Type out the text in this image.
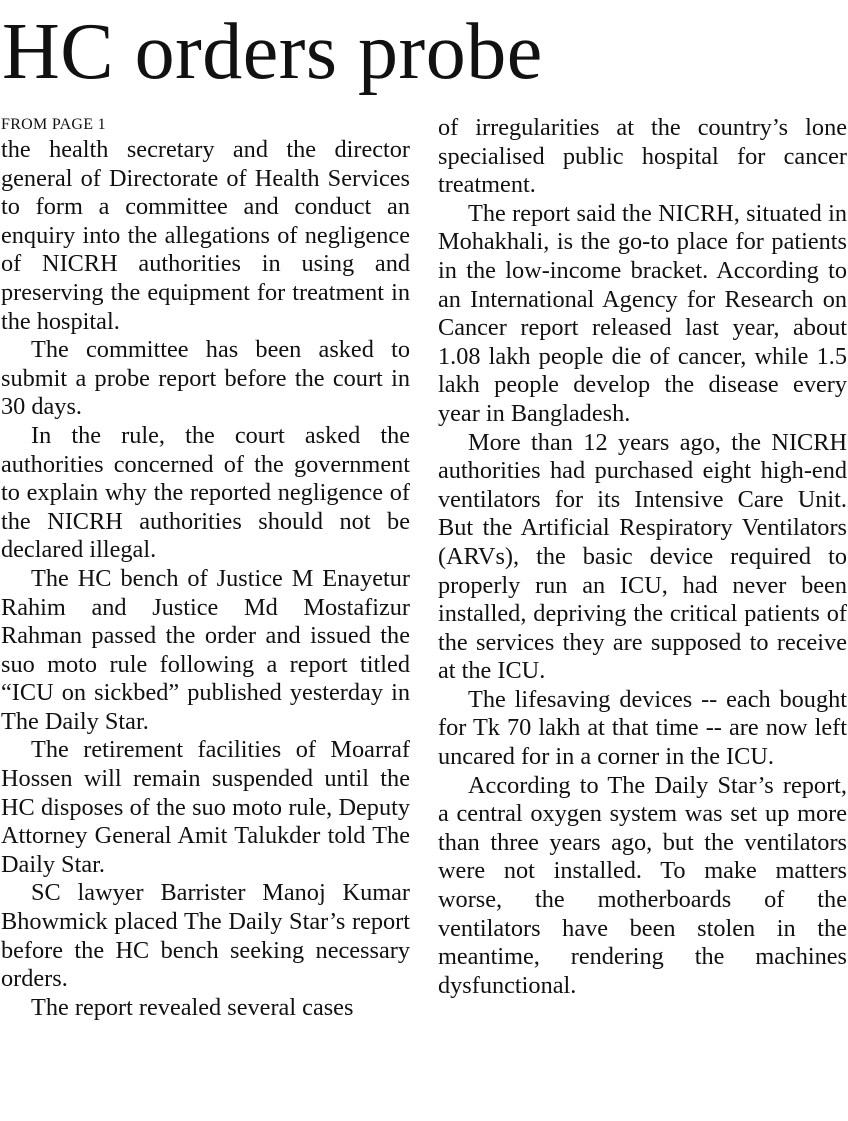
HC orders probe
FROM PAGE 1

the health secretary and the director general of Directorate of Health Services to form a committee and conduct an enquiry into the allegations of negligence of NICRH authorities in using and preserving the equipment for treatment in the hospital.

The committee has been asked to submit a probe report before the court in 30 days.

In the rule, the court asked the authorities concerned of the government to explain why the reported negligence of the NICRH authorities should not be declared illegal.

The HC bench of Justice M Enayetur Rahim and Justice Md Mostafizur Rahman passed the order and issued the suo moto rule following a report titled “ICU on sickbed” published yesterday in The Daily Star.

The retirement facilities of Moarraf Hossen will remain suspended until the HC disposes of the suo moto rule, Deputy Attorney General Amit Talukder told The Daily Star.

SC lawyer Barrister Manoj Kumar Bhowmick placed The Daily Star’s report before the HC bench seeking necessary orders.

The report revealed several cases

of irregularities at the country’s lone specialised public hospital for cancer treatment.

The report said the NICRH, situated in Mohakhali, is the go-to place for patients in the low-income bracket. According to an International Agency for Research on Cancer report released last year, about 1.08 lakh people die of cancer, while 1.5 lakh people develop the disease every year in Bangladesh.

More than 12 years ago, the NICRH authorities had purchased eight high-end ventilators for its Intensive Care Unit. But the Artificial Respiratory Ventilators (ARVs), the basic device required to properly run an ICU, had never been installed, depriving the critical patients of the services they are supposed to receive at the ICU.

The lifesaving devices -- each bought for Tk 70 lakh at that time -- are now left uncared for in a corner in the ICU.

According to The Daily Star’s report, a central oxygen system was set up more than three years ago, but the ventilators were not installed. To make matters worse, the motherboards of the ventilators have been stolen in the meantime, rendering the machines dysfunctional.
